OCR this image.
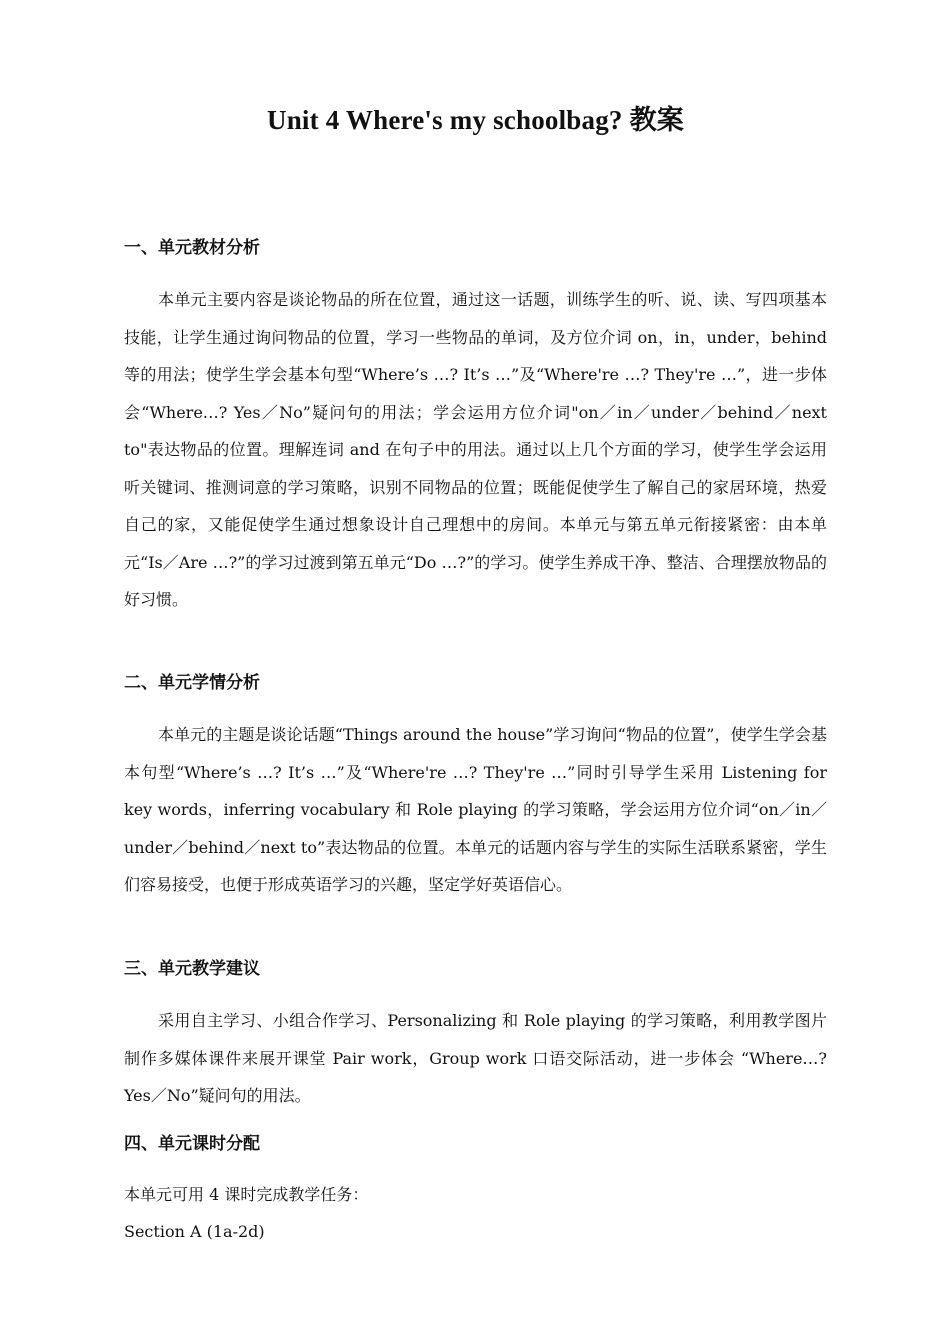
Unit 4 Where's my schoolbag? 教案
一、单元教材分析
本单元主要内容是谈论物品的所在位置，通过这一话题，训练学生的听、说、读、写四项基本技能，让学生通过询问物品的位置，学习一些物品的单词，及方位介词 on，in，under，behind 等的用法；使学生学会基本句型“Where’s …? It’s …”及“Where're …? They're …”，进一步体会“Where…? Yes／No”疑问句的用法；学会运用方位介词"on／in／under／behind／next to"表达物品的位置。理解连词 and 在句子中的用法。通过以上几个方面的学习，使学生学会运用听关键词、推测词意的学习策略，识别不同物品的位置；既能促使学生了解自己的家居环境，热爱自己的家，又能促使学生通过想象设计自己理想中的房间。本单元与第五单元衔接紧密：由本单元“Is／Are …?”的学习过渡到第五单元“Do …?”的学习。使学生养成干净、整洁、合理摆放物品的好习惯。
二、单元学情分析
本单元的主题是谈论话题“Things around the house”学习询问“物品的位置”，使学生学会基本句型“Where’s …? It’s …”及“Where're …? They're …”同时引导学生采用 Listening for key words，inferring vocabulary 和 Role playing 的学习策略，学会运用方位介词“on／in／under／behind／next to”表达物品的位置。本单元的话题内容与学生的实际生活联系紧密，学生们容易接受，也便于形成英语学习的兴趣，坚定学好英语信心。
三、单元教学建议
采用自主学习、小组合作学习、Personalizing 和 Role playing 的学习策略，利用教学图片制作多媒体课件来展开课堂 Pair work，Group work 口语交际活动，进一步体会 “Where…? Yes／No”疑问句的用法。
四、单元课时分配
本单元可用 4 课时完成教学任务：
Section A (1a-2d)
